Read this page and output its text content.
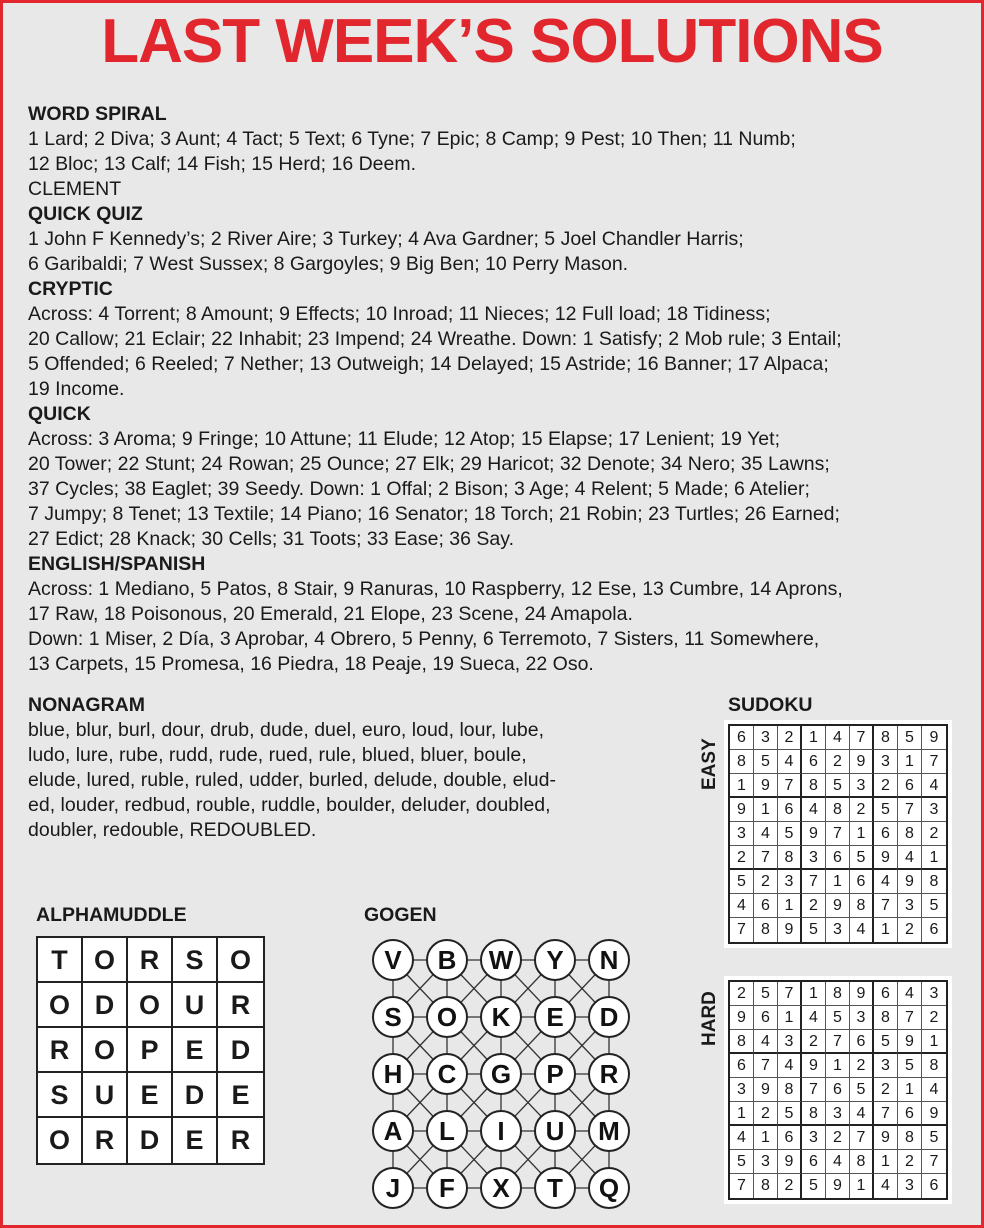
LAST WEEK’S SOLUTIONS
WORD SPIRAL
1 Lard; 2 Diva; 3 Aunt; 4 Tact; 5 Text; 6 Tyne; 7 Epic; 8 Camp; 9 Pest; 10 Then; 11 Numb;
12 Bloc; 13 Calf; 14 Fish; 15 Herd; 16 Deem.
CLEMENT
QUICK QUIZ
1 John F Kennedy’s; 2 River Aire; 3 Turkey; 4 Ava Gardner; 5 Joel Chandler Harris;
6 Garibaldi; 7 West Sussex; 8 Gargoyles; 9 Big Ben; 10 Perry Mason.
CRYPTIC
Across: 4 Torrent; 8 Amount; 9 Effects; 10 Inroad; 11 Nieces; 12 Full load; 18 Tidiness;
20 Callow; 21 Eclair; 22 Inhabit; 23 Impend; 24 Wreathe. Down: 1 Satisfy; 2 Mob rule; 3 Entail;
5 Offended; 6 Reeled; 7 Nether; 13 Outweigh; 14 Delayed; 15 Astride; 16 Banner; 17 Alpaca;
19 Income.
QUICK
Across: 3 Aroma; 9 Fringe; 10 Attune; 11 Elude; 12 Atop; 15 Elapse; 17 Lenient; 19 Yet;
20 Tower; 22 Stunt; 24 Rowan; 25 Ounce; 27 Elk; 29 Haricot; 32 Denote; 34 Nero; 35 Lawns;
37 Cycles; 38 Eaglet; 39 Seedy. Down: 1 Offal; 2 Bison; 3 Age; 4 Relent; 5 Made; 6 Atelier;
7 Jumpy; 8 Tenet; 13 Textile; 14 Piano; 16 Senator; 18 Torch; 21 Robin; 23 Turtles; 26 Earned;
27 Edict; 28 Knack; 30 Cells; 31 Toots; 33 Ease; 36 Say.
ENGLISH/SPANISH
Across: 1 Mediano, 5 Patos, 8 Stair, 9 Ranuras, 10 Raspberry, 12 Ese, 13 Cumbre, 14 Aprons,
17 Raw, 18 Poisonous, 20 Emerald, 21 Elope, 23 Scene, 24 Amapola.
Down: 1 Miser, 2 Día, 3 Aprobar, 4 Obrero, 5 Penny, 6 Terremoto, 7 Sisters, 11 Somewhere,
13 Carpets, 15 Promesa, 16 Piedra, 18 Peaje, 19 Sueca, 22 Oso.
NONAGRAM
blue, blur, burl, dour, drub, dude, duel, euro, loud, lour, lube,
ludo, lure, rube, rudd, rude, rued, rule, blued, bluer, boule,
elude, lured, ruble, ruled, udder, burled, delude, double, elud-
ed, louder, redbud, rouble, ruddle, boulder, deluder, doubled,
doubler, redouble, REDOUBLED.
SUDOKU
EASY
6 3 2 1 4 7 8 5 9
8 5 4 6 2 9 3 1 7
1 9 7 8 5 3 2 6 4
9 1 6 4 8 2 5 7 3
3 4 5 9 7 1 6 8 2
2 7 8 3 6 5 9 4 1
5 2 3 7 1 6 4 9 8
4 6 1 2 9 8 7 3 5
7 8 9 5 3 4 1 2 6
HARD	2 5 7 1 8 9 6 4 3
9 6 1 4 5 3 8 7 2
8 4 3 2 7 6 5 9 1
6 7 4 9 1 2 3 5 8
3 9 8 7 6 5 2 1 4
1 2 5 8 3 4 7 6 9
4 1 6 3 2 7 9 8 5
5 3 9 6 4 8 1 2 7
7 8 2 5 9 1 4 3 6
ALPHAMUDDLE
T O R S O
O D O U R
R O P E	D
S U E D	E
O R D E	R
GOGEN
V B W Y N
S O K E D
H C G P R
A L I U M
J F X T Q
